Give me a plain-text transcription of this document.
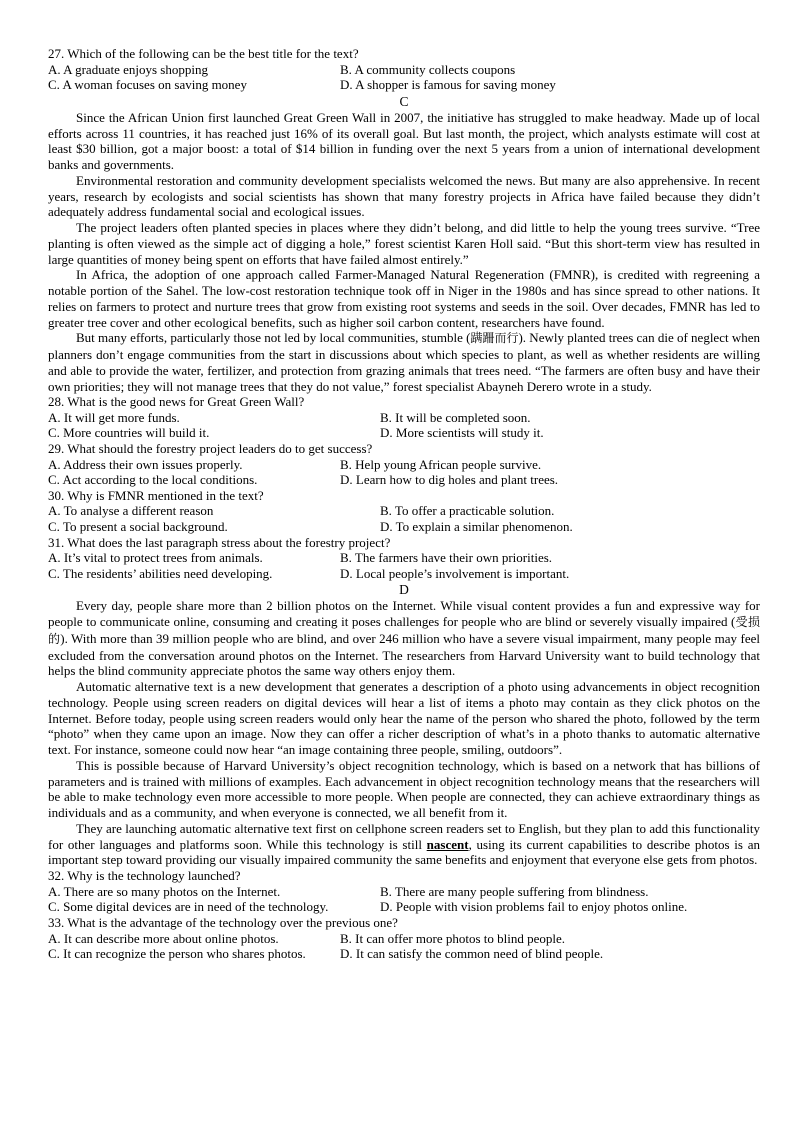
27. Which of the following can be the best title for the text?
A. A graduate enjoys shopping	B. A community collects coupons
C. A woman focuses on saving money	D. A shopper is famous for saving money
C

Since the African Union first launched Great Green Wall in 2007, the initiative has struggled to make headway. Made up of local efforts across 11 countries, it has reached just 16% of its overall goal. But last month, the project, which analysts estimate will cost at least $30 billion, got a major boost: a total of $14 billion in funding over the next 5 years from a union of international development banks and governments.

Environmental restoration and community development specialists welcomed the news. But many are also apprehensive. In recent years, research by ecologists and social scientists has shown that many forestry projects in Africa have failed because they didn’t adequately address fundamental social and ecological issues.

The project leaders often planted species in places where they didn’t belong, and did little to help the young trees survive. “Tree planting is often viewed as the simple act of digging a hole,” forest scientist Karen Holl said. “But this short-term view has resulted in large quantities of money being spent on efforts that have failed almost entirely.”

In Africa, the adoption of one approach called Farmer-Managed Natural Regeneration (FMNR), is credited with regreening a notable portion of the Sahel. The low-cost restoration technique took off in Niger in the 1980s and has since spread to other nations. It relies on farmers to protect and nurture trees that grow from existing root systems and seeds in the soil. Over decades, FMNR has led to greater tree cover and other ecological benefits, such as higher soil carbon content, researchers have found.

But many efforts, particularly those not led by local communities, stumble (蹒跚而行). Newly planted trees can die of neglect when planners don’t engage communities from the start in discussions about which species to plant, as well as whether residents are willing and able to provide the water, fertilizer, and protection from grazing animals that trees need. “The farmers are often busy and have their own priorities; they will not manage trees that they do not value,” forest specialist Abayneh Derero wrote in a study.

28. What is the good news for Great Green Wall?
A. It will get more funds.	B. It will be completed soon.
C. More countries will build it.	D. More scientists will study it.
29. What should the forestry project leaders do to get success?
A. Address their own issues properly.	B. Help young African people survive.
C. Act according to the local conditions.	D. Learn how to dig holes and plant trees.
30. Why is FMNR mentioned in the text?
A. To analyse a different reason	B. To offer a practicable solution.
C. To present a social background.	D. To explain a similar phenomenon.
31. What does the last paragraph stress about the forestry project?
A. It’s vital to protect trees from animals.	B. The farmers have their own priorities.
C. The residents’ abilities need developing.	D. Local people’s involvement is important.
D

Every day, people share more than 2 billion photos on the Internet. While visual content provides a fun and expressive way for people to communicate online, consuming and creating it poses challenges for people who are blind or severely visually impaired (受损的). With more than 39 million people who are blind, and over 246 million who have a severe visual impairment, many people may feel excluded from the conversation around photos on the Internet. The researchers from Harvard University want to build technology that helps the blind community appreciate photos the same way others enjoy them.

Automatic alternative text is a new development that generates a description of a photo using advancements in object recognition technology. People using screen readers on digital devices will hear a list of items a photo may contain as they click photos on the Internet. Before today, people using screen readers would only hear the name of the person who shared the photo, followed by the term “photo” when they came upon an image. Now they can offer a richer description of what’s in a photo thanks to automatic alternative text. For instance, someone could now hear “an image containing three people, smiling, outdoors”.

This is possible because of Harvard University’s object recognition technology, which is based on a network that has billions of parameters and is trained with millions of examples. Each advancement in object recognition technology means that the researchers will be able to make technology even more accessible to more people. When people are connected, they can achieve extraordinary things as individuals and as a community, and when everyone is connected, we all benefit from it.

They are launching automatic alternative text first on cellphone screen readers set to English, but they plan to add this functionality for other languages and platforms soon. While this technology is still nascent, using its current capabilities to describe photos is an important step toward providing our visually impaired community the same benefits and enjoyment that everyone else gets from photos.

32. Why is the technology launched?
A. There are so many photos on the Internet.	B. There are many people suffering from blindness.
C. Some digital devices are in need of the technology.	D. People with vision problems fail to enjoy photos online.
33. What is the advantage of the technology over the previous one?
A. It can describe more about online photos.	B. It can offer more photos to blind people.
C. It can recognize the person who shares photos.	D. It can satisfy the common need of blind people.
